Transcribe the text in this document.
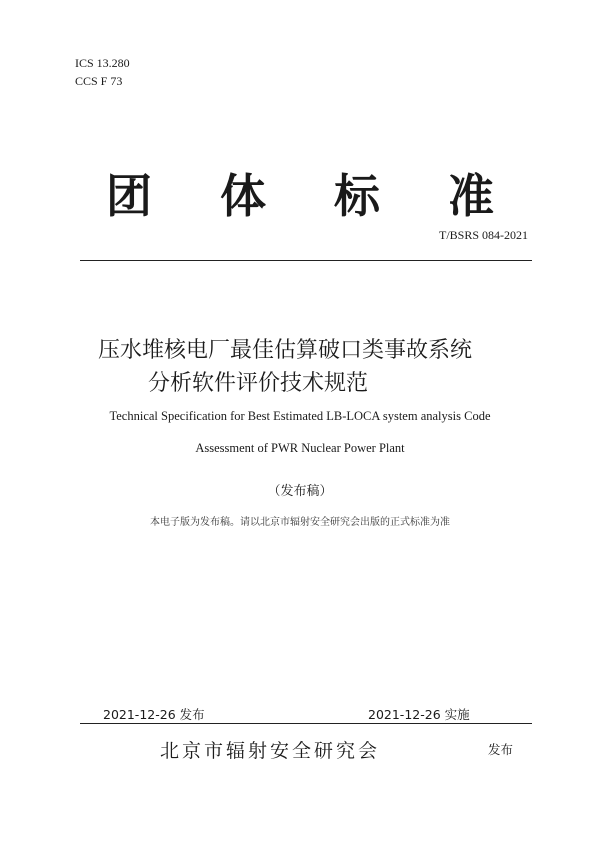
ICS 13.280
CCS F 73
团 体 标 准
T/BSRS 084-2021
压水堆核电厂最佳估算破口类事故系统
分析软件评价技术规范
Technical Specification for Best Estimated LB-LOCA system analysis Code
Assessment of PWR Nuclear Power Plant
（发布稿）
本电子版为发布稿。请以北京市辐射安全研究会出版的正式标准为准
2021-12-26 发布	2021-12-26 实施
北京市辐射安全研究会	发布
